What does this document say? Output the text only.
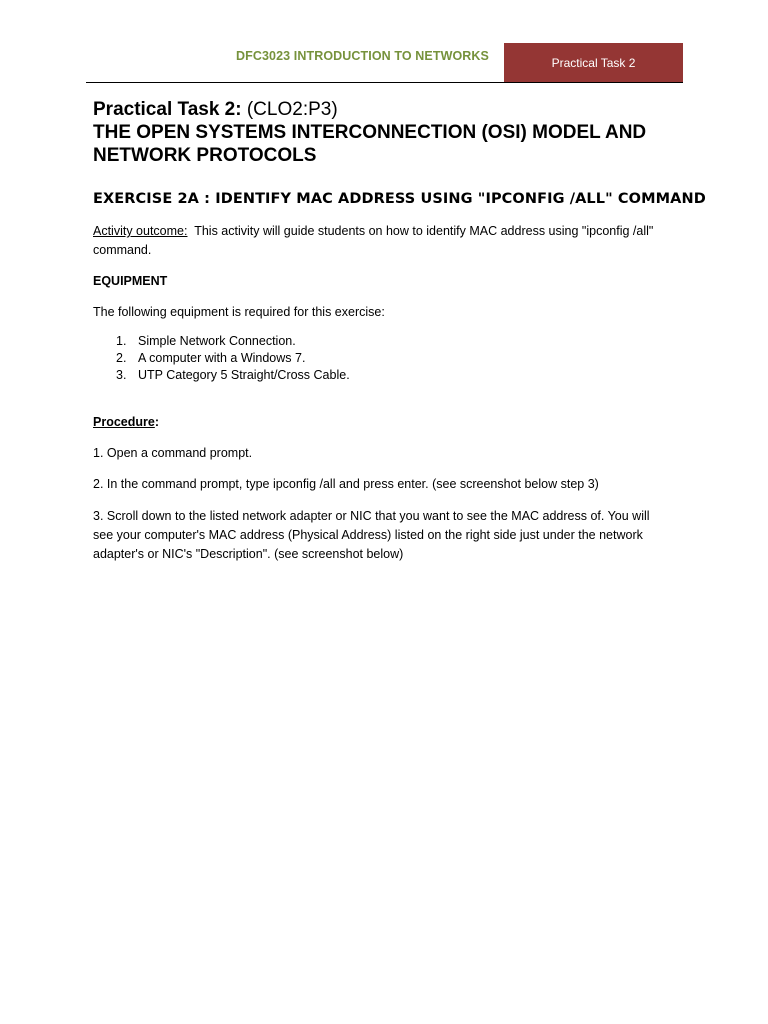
DFC3023 INTRODUCTION TO NETWORKS	Practical Task 2
Practical Task 2: (CLO2:P3)
THE OPEN SYSTEMS INTERCONNECTION (OSI) MODEL AND NETWORK PROTOCOLS
EXERCISE 2A : IDENTIFY MAC ADDRESS USING "IPCONFIG /ALL" COMMAND
Activity outcome: This activity will guide students on how to identify MAC address using "ipconfig /all" command.
EQUIPMENT
The following equipment is required for this exercise:
1. Simple Network Connection.
2. A computer with a Windows 7.
3. UTP Category 5 Straight/Cross Cable.
Procedure:
1. Open a command prompt.
2. In the command prompt, type ipconfig /all and press enter. (see screenshot below step 3)
3. Scroll down to the listed network adapter or NIC that you want to see the MAC address of. You will see your computer's MAC address (Physical Address) listed on the right side just under the network adapter's or NIC's "Description". (see screenshot below)
